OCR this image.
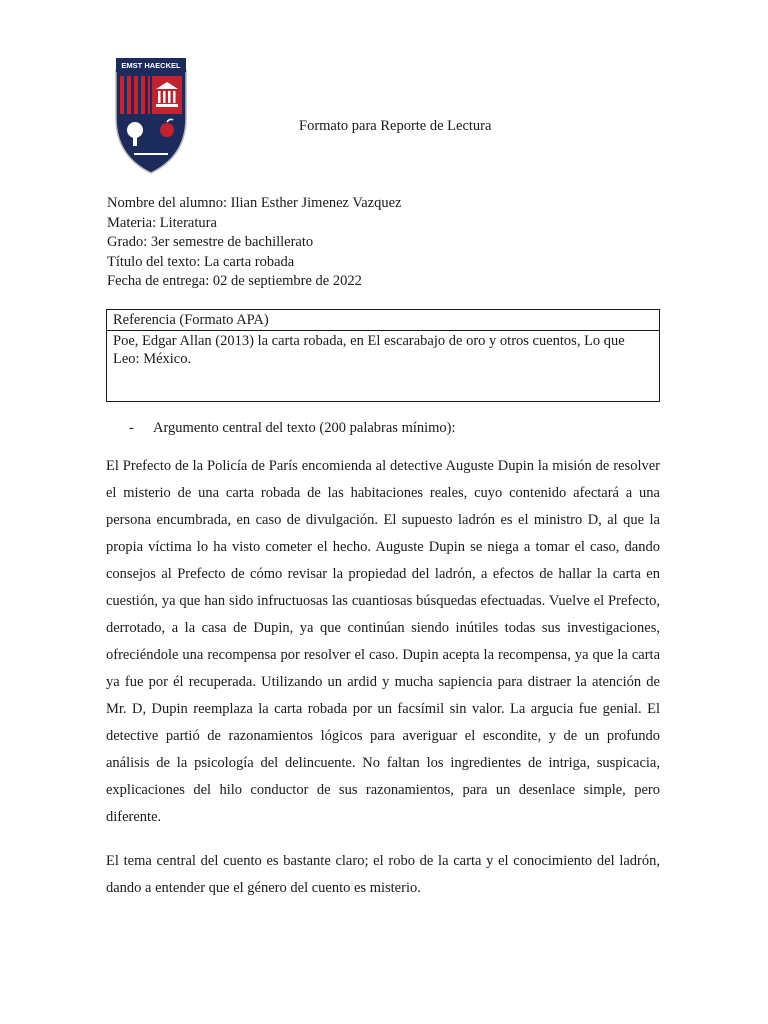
EMST HAECKEL
Formato para Reporte de Lectura
Nombre del alumno: Ilian Esther Jimenez Vazquez
Materia: Literatura
Grado: 3er semestre de bachillerato
Título del texto: La carta robada
Fecha de entrega: 02 de septiembre de 2022
Referencia (Formato APA)
Poe, Edgar Allan (2013) la carta robada, en El escarabajo de oro y otros cuentos, Lo que Leo: México.
- Argumento central del texto (200 palabras mínimo):

El Prefecto de la Policía de París encomienda al detective Auguste Dupin la misión de resolver el misterio de una carta robada de las habitaciones reales, cuyo contenido afectará a una persona encumbrada, en caso de divulgación. El supuesto ladrón es el ministro D, al que la propia víctima lo ha visto cometer el hecho. Auguste Dupin se niega a tomar el caso, dando consejos al Prefecto de cómo revisar la propiedad del ladrón, a efectos de hallar la carta en cuestión, ya que han sido infructuosas las cuantiosas búsquedas efectuadas. Vuelve el Prefecto, derrotado, a la casa de Dupin, ya que continúan siendo inútiles todas sus investigaciones, ofreciéndole una recompensa por resolver el caso. Dupin acepta la recompensa, ya que la carta ya fue por él recuperada. Utilizando un ardid y mucha sapiencia para distraer la atención de Mr. D, Dupin reemplaza la carta robada por un facsímil sin valor. La argucia fue genial. El detective partió de razonamientos lógicos para averiguar el escondite, y de un profundo análisis de la psicología del delincuente. No faltan los ingredientes de intriga, suspicacia, explicaciones del hilo conductor de sus razonamientos, para un desenlace simple, pero diferente.

El tema central del cuento es bastante claro; el robo de la carta y el conocimiento del ladrón, dando a entender que el género del cuento es misterio.
